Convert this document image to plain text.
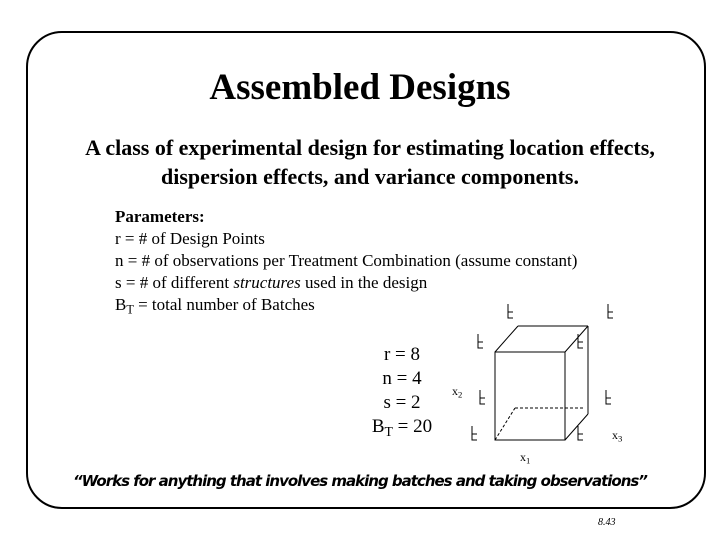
Assembled Designs
A class of experimental design for estimating location effects,
dispersion effects, and variance components.
Parameters:
r = # of Design Points
n = # of observations per Treatment Combination (assume constant)
s = # of different structures used in the design
$B_T$ = total number of Batches
r = 8
n = 4
s = 2
$B_T = 20$
$x_2$
$x_1$
$x_3$
“Works for anything that involves making batches and taking observations”
8.43
